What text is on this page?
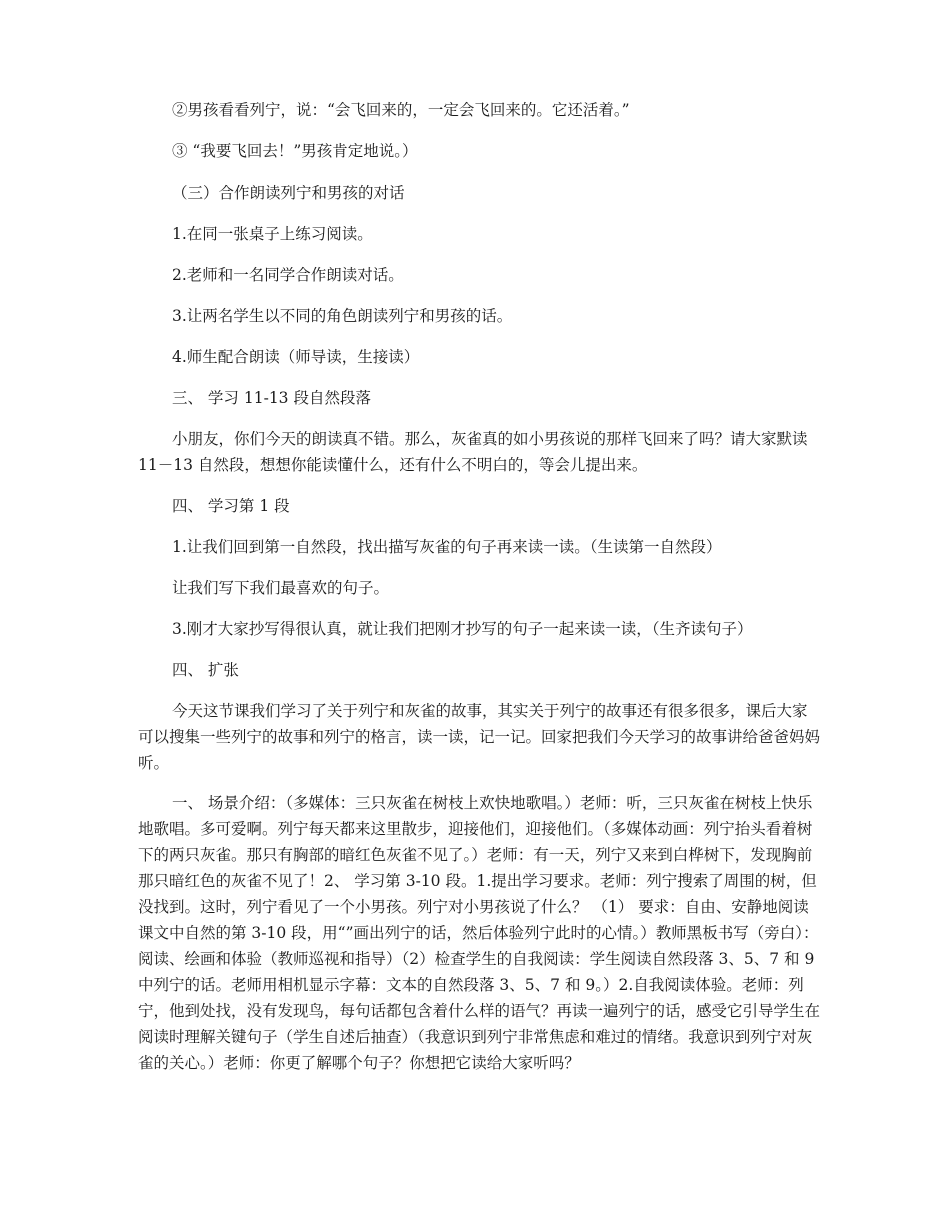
②男孩看看列宁，说：“会飞回来的，一定会飞回来的。它还活着。”
③ “我要飞回去！”男孩肯定地说。）
（三）合作朗读列宁和男孩的对话
1.在同一张桌子上练习阅读。
2.老师和一名同学合作朗读对话。
3.让两名学生以不同的角色朗读列宁和男孩的话。
4.师生配合朗读（师导读，生接读）
三、 学习 11-13 段自然段落
小朋友，你们今天的朗读真不错。那么，灰雀真的如小男孩说的那样飞回来了吗？请大家默读 11－13 自然段，想想你能读懂什么，还有什么不明白的，等会儿提出来。
四、 学习第 1 段
1.让我们回到第一自然段，找出描写灰雀的句子再来读一读。（生读第一自然段）
让我们写下我们最喜欢的句子。
3.刚才大家抄写得很认真，就让我们把刚才抄写的句子一起来读一读，（生齐读句子）
四、 扩张
今天这节课我们学习了关于列宁和灰雀的故事，其实关于列宁的故事还有很多很多，课后大家可以搜集一些列宁的故事和列宁的格言，读一读，记一记。回家把我们今天学习的故事讲给爸爸妈妈听。
一、 场景介绍：（多媒体：三只灰雀在树枝上欢快地歌唱。）老师：听，三只灰雀在树枝上快乐地歌唱。多可爱啊。列宁每天都来这里散步，迎接他们，迎接他们。（多媒体动画：列宁抬头看着树下的两只灰雀。那只有胸部的暗红色灰雀不见了。）老师：有一天，列宁又来到白桦树下，发现胸前那只暗红色的灰雀不见了！2、 学习第 3-10 段。1.提出学习要求。老师：列宁搜索了周围的树，但没找到。这时，列宁看见了一个小男孩。列宁对小男孩说了什么？ （1） 要求：自由、安静地阅读课文中自然的第 3-10 段，用“”画出列宁的话，然后体验列宁此时的心情。）教师黑板书写（旁白）：阅读、绘画和体验（教师巡视和指导）（2）检查学生的自我阅读：学生阅读自然段落 3、5、7 和 9 中列宁的话。老师用相机显示字幕：文本的自然段落 3、5、7 和 9。）2.自我阅读体验。老师：列宁，他到处找，没有发现鸟，每句话都包含着什么样的语气？再读一遍列宁的话，感受它引导学生在阅读时理解关键句子（学生自述后抽查）（我意识到列宁非常焦虑和难过的情绪。我意识到列宁对灰雀的关心。）老师：你更了解哪个句子？你想把它读给大家听吗？
